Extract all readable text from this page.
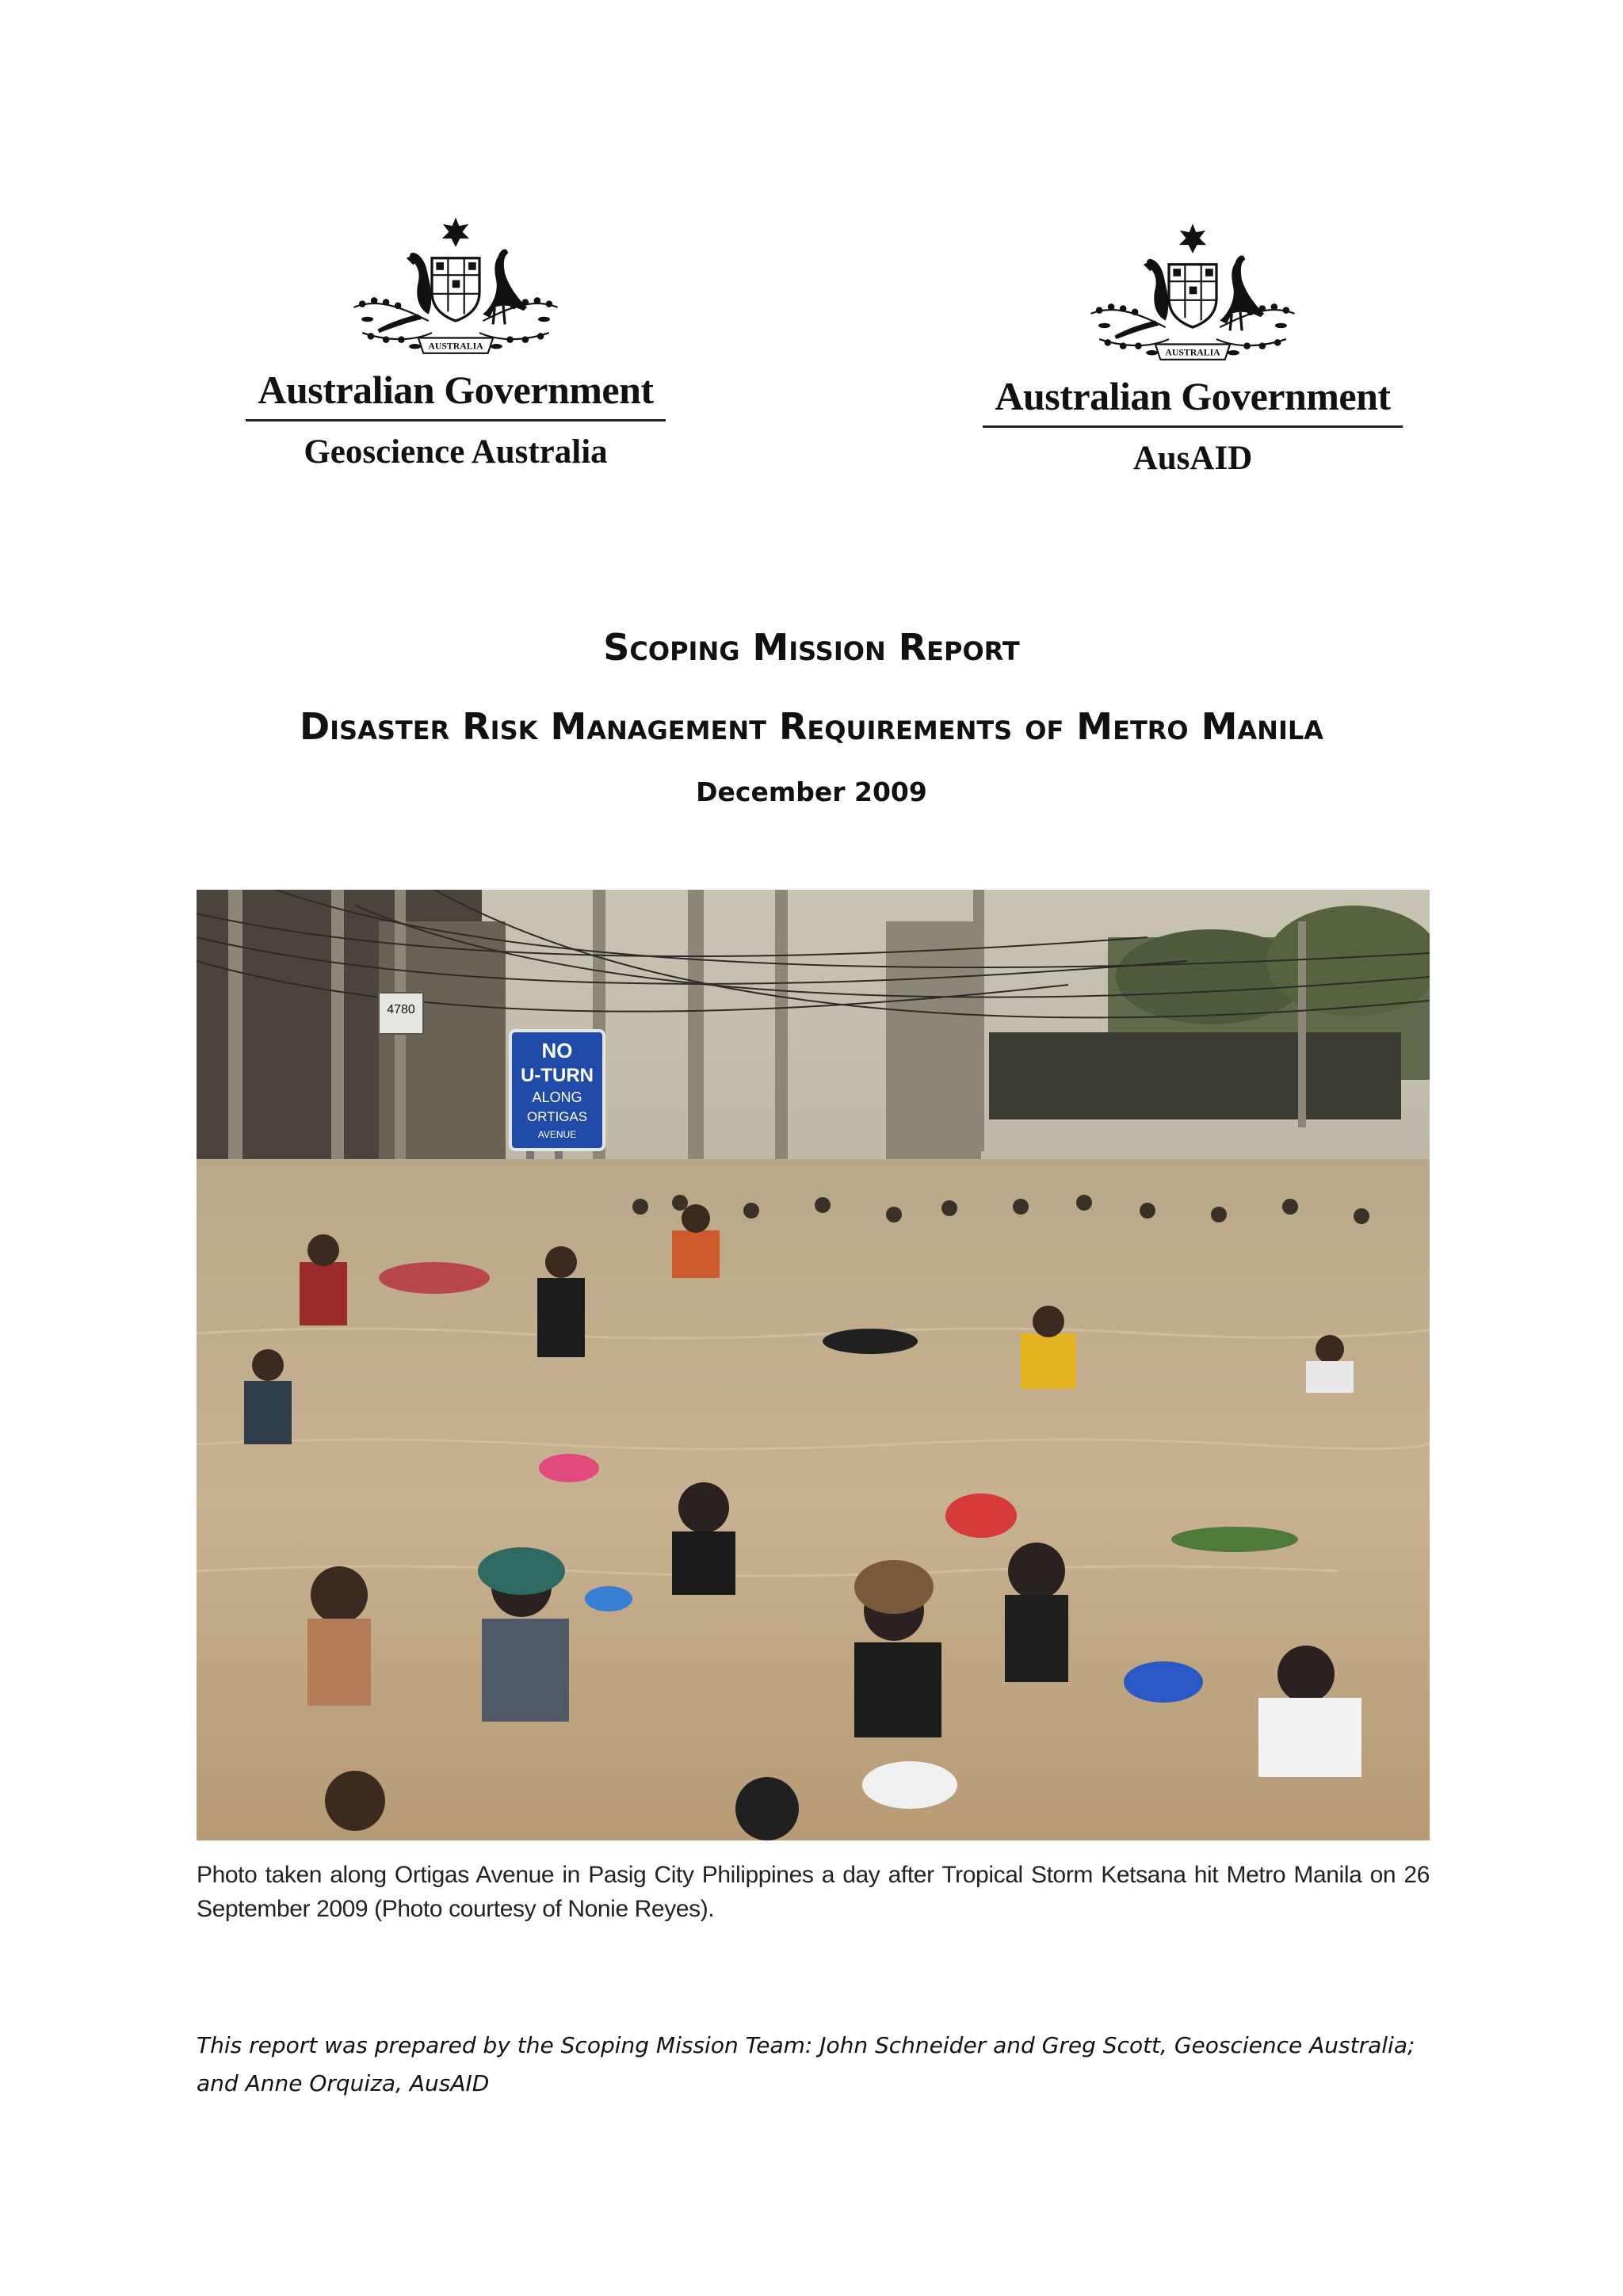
AUSTRALIA
Australian Government
Geoscience Australia
AUSTRALIA
Australian Government
AusAID
Scoping Mission Report
Disaster Risk Management Requirements of Metro Manila
December 2009
4780
NO
U-TURN
ALONG
ORTIGAS
AVENUE
Photo taken along Ortigas Avenue in Pasig City Philippines a day after Tropical Storm Ketsana hit Metro Manila on 26 September 2009 (Photo courtesy of Nonie Reyes).
This report was prepared by the Scoping Mission Team: John Schneider and Greg Scott, Geoscience Australia;
and Anne Orquiza, AusAID
